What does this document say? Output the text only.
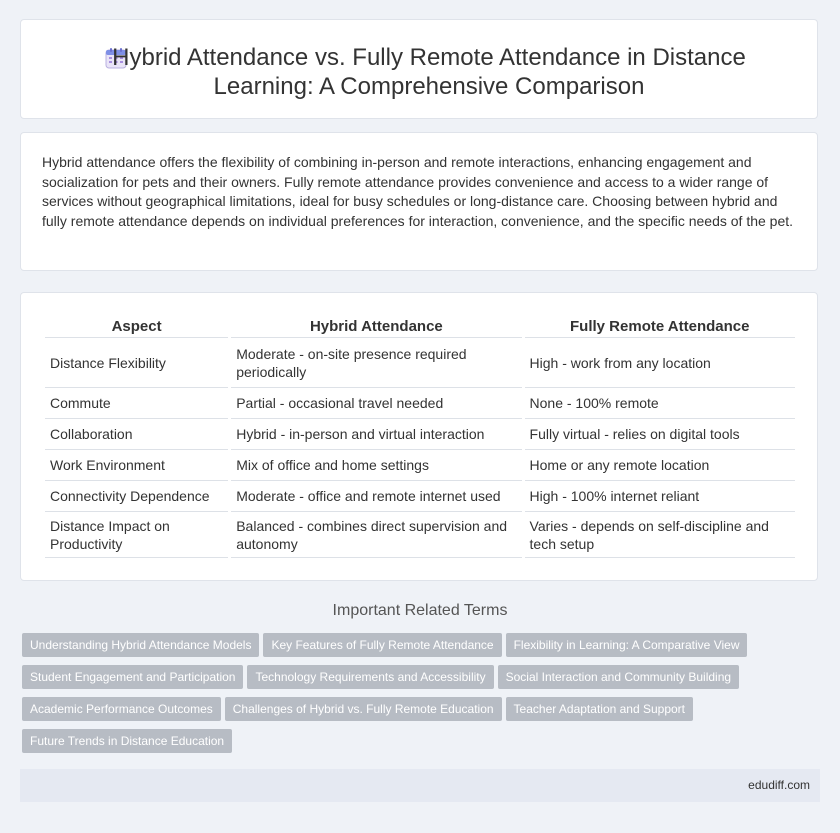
Hybrid Attendance vs. Fully Remote Attendance in Distance Learning: A Comprehensive Comparison

Hybrid attendance offers the flexibility of combining in-person and remote interactions, enhancing engagement and socialization for pets and their owners. Fully remote attendance provides convenience and access to a wider range of services without geographical limitations, ideal for busy schedules or long-distance care. Choosing between hybrid and fully remote attendance depends on individual preferences for interaction, convenience, and the specific needs of the pet.

Aspect	Hybrid Attendance	Fully Remote Attendance
Distance Flexibility	Moderate - on-site presence required periodically	High - work from any location
Commute	Partial - occasional travel needed	None - 100% remote
Collaboration	Hybrid - in-person and virtual interaction	Fully virtual - relies on digital tools
Work Environment	Mix of office and home settings	Home or any remote location
Connectivity Dependence	Moderate - office and remote internet used	High - 100% internet reliant
Distance Impact on Productivity	Balanced - combines direct supervision and autonomy	Varies - depends on self-discipline and tech setup
Important Related Terms
Understanding Hybrid Attendance Models Key Features of Fully Remote Attendance Flexibility in Learning: A Comparative View
Student Engagement and Participation Technology Requirements and Accessibility Social Interaction and Community Building
Academic Performance Outcomes Challenges of Hybrid vs. Fully Remote Education Teacher Adaptation and Support
Future Trends in Distance Education
edudiff.com
